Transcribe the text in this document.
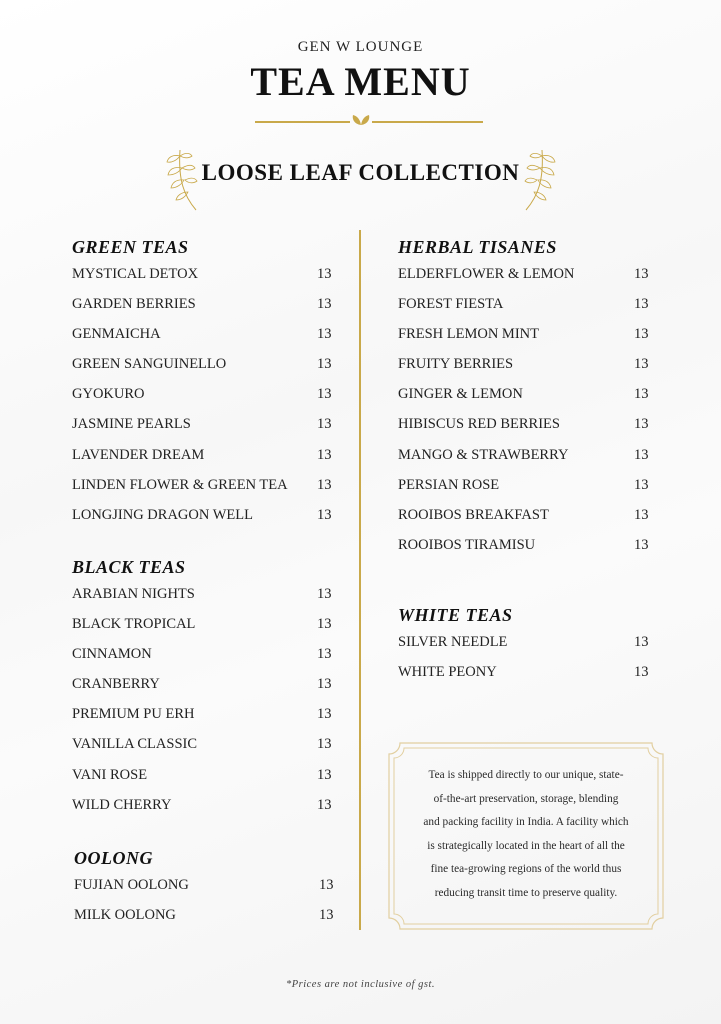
GEN W LOUNGE
TEA MENU
LOOSE LEAF COLLECTION
GREEN TEAS
MYSTICAL DETOX	13
GARDEN BERRIES	13
GENMAICHA	13
GREEN SANGUINELLO	13
GYOKURO	13
JASMINE PEARLS	13
LAVENDER DREAM	13
LINDEN FLOWER & GREEN TEA 13
LONGJING DRAGON WELL	13
BLACK TEAS
ARABIAN NIGHTS	13
BLACK TROPICAL	13
CINNAMON	13
CRANBERRY	13
PREMIUM PU ERH	13
VANILLA CLASSIC	13
VANI ROSE	13
WILD CHERRY	13
OOLONG
FUJIAN OOLONG	13
MILK OOLONG	13
HERBAL TISANES
ELDERFLOWER & LEMON	13
FOREST FIESTA	13
FRESH LEMON MINT	13
FRUITY BERRIES	13
GINGER & LEMON	13
HIBISCUS RED BERRIES	13
MANGO & STRAWBERRY	13
PERSIAN ROSE	13
ROOIBOS BREAKFAST	13
ROOIBOS TIRAMISU	13
WHITE TEAS
SILVER NEEDLE	13
WHITE PEONY	13
Tea is shipped directly to our unique, state-
of-the-art preservation, storage, blending
and packing facility in India. A facility which
is strategically located in the heart of all the
fine tea-growing regions of the world thus
reducing transit time to preserve quality.
*Prices are not inclusive of gst.
